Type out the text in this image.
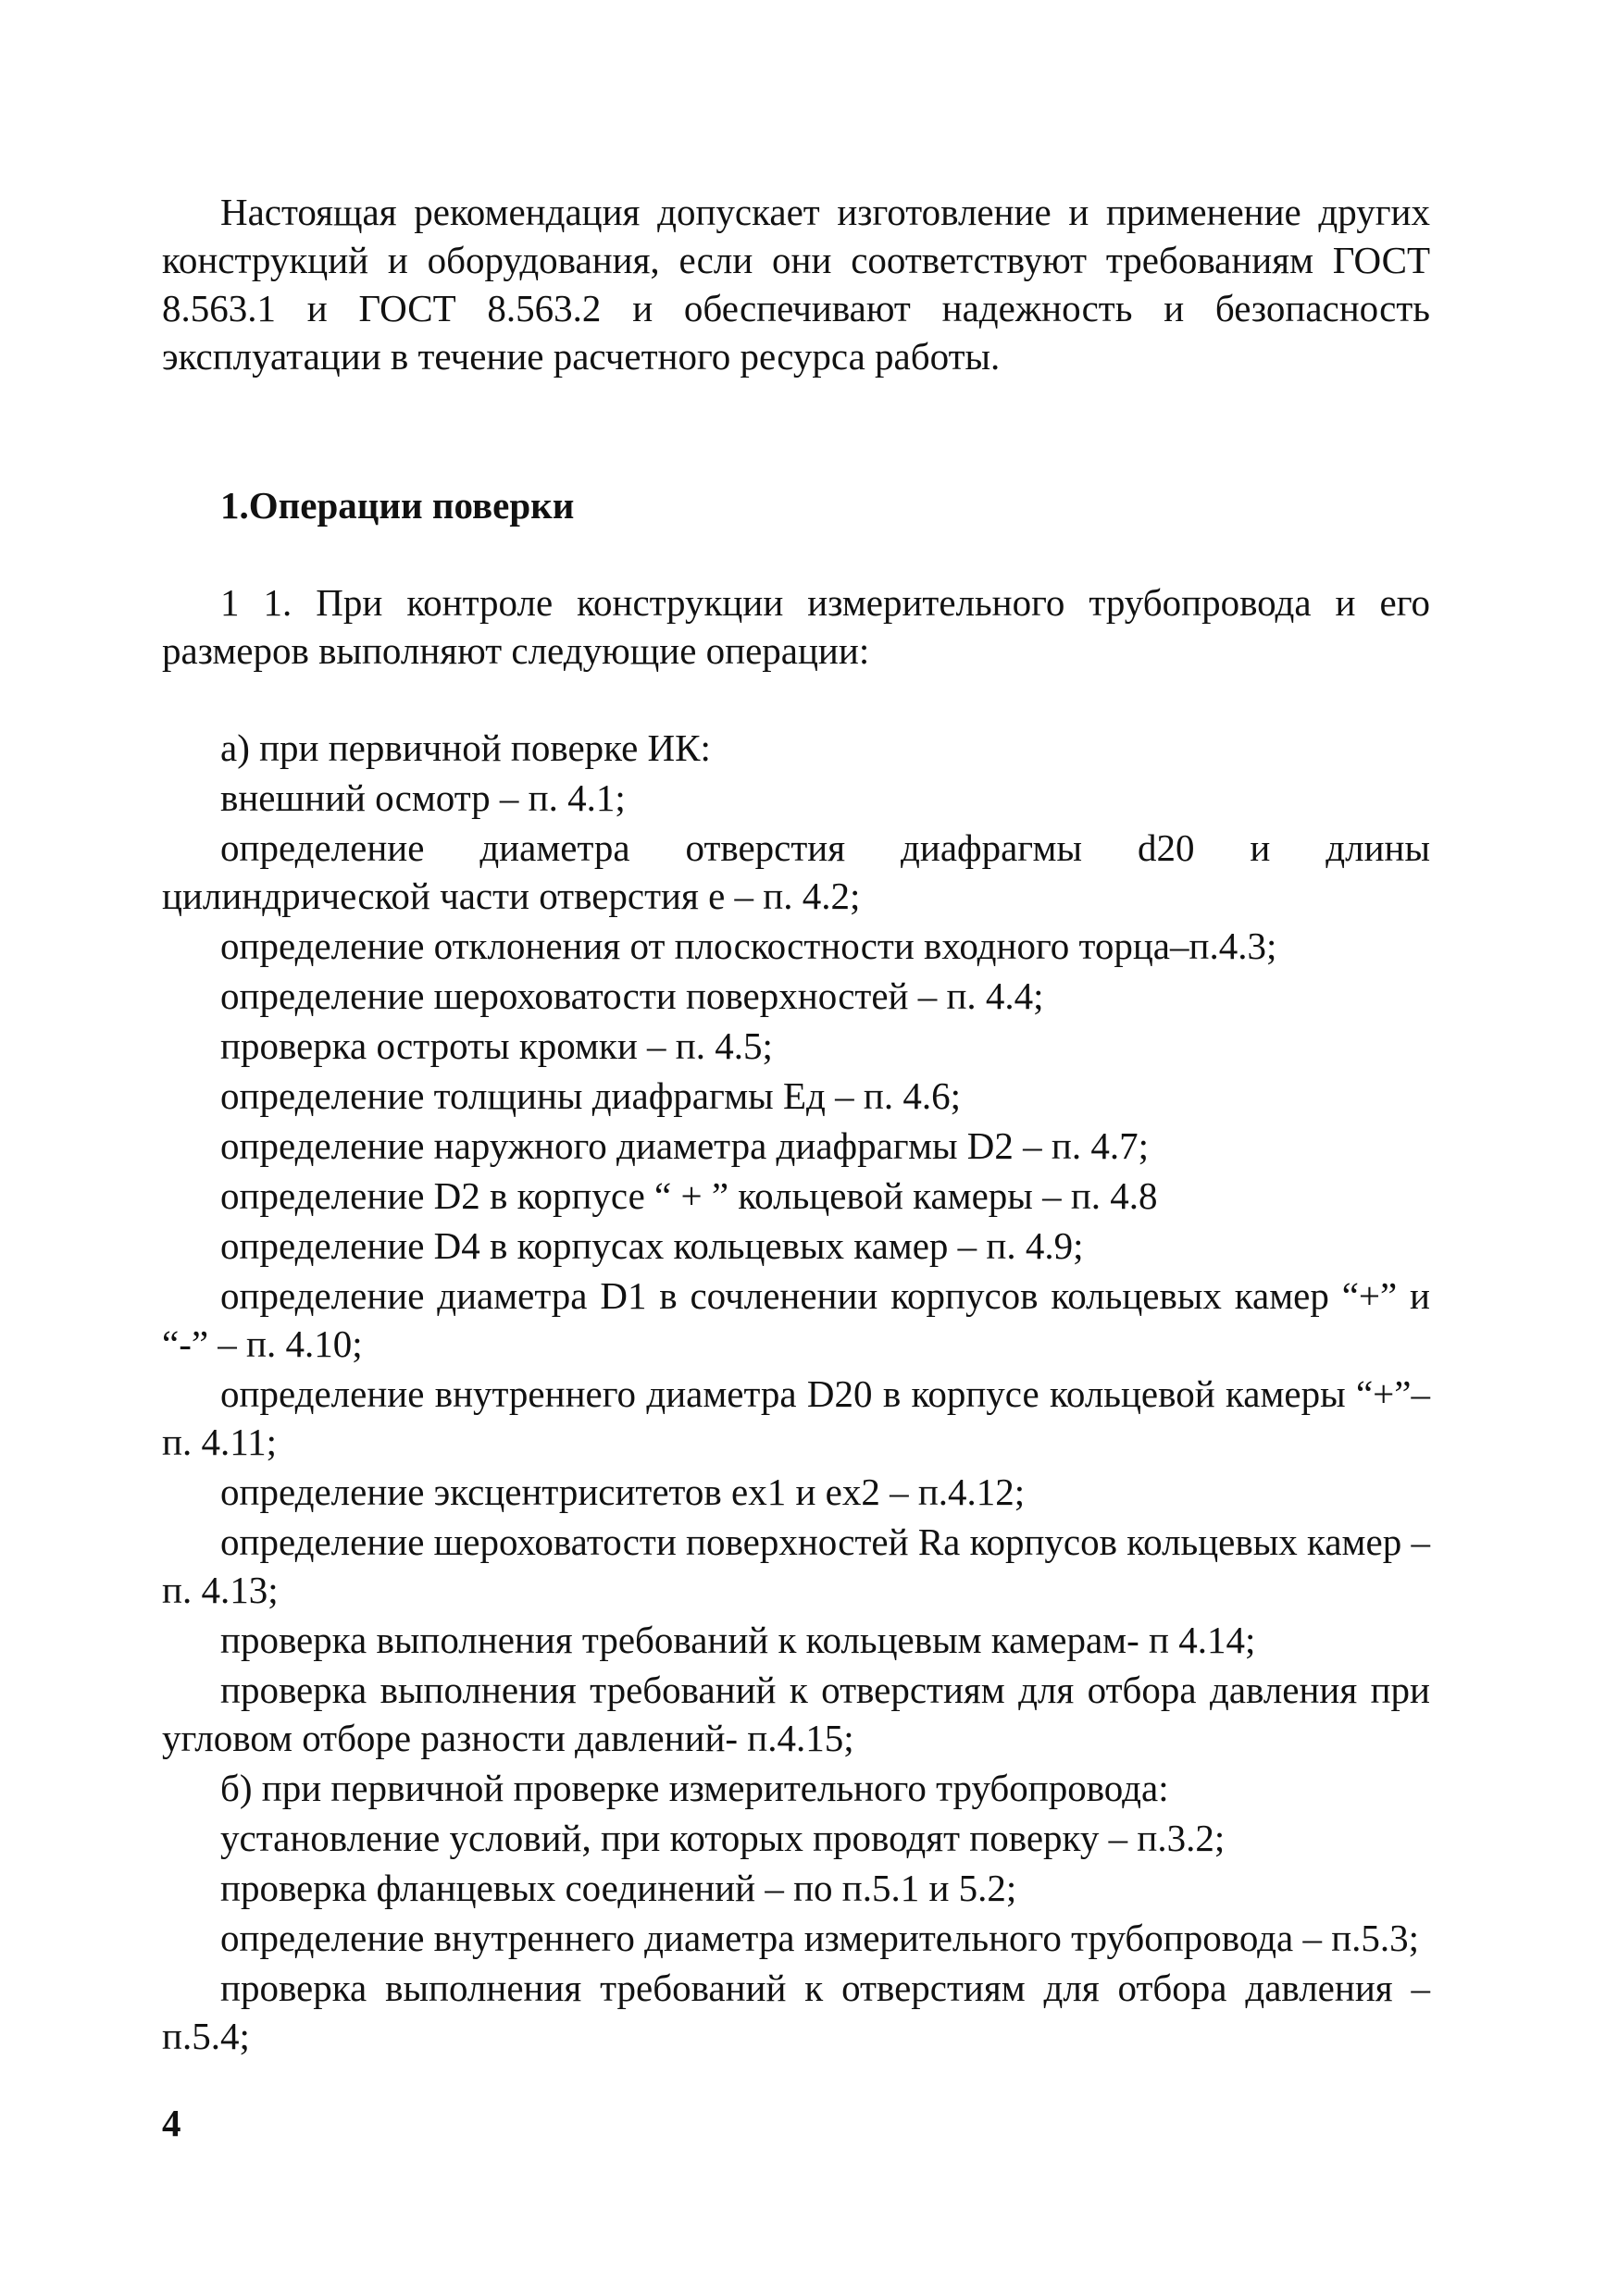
Настоящая рекомендация допускает изготовление и применение других конструкций и оборудования, если они соответствуют требованиям ГОСТ 8.563.1 и ГОСТ 8.563.2 и обеспечивают надежность и безопасность эксплуатации в течение расчетного ресурса работы.

1.Операции поверки

1 1. При контроле конструкции измерительного трубопровода и его размеров выполняют следующие операции:

а) при первичной поверке ИК:

внешний осмотр – п. 4.1;

определение диаметра отверстия диафрагмы d20 и длины цилиндрической части отверстия е – п. 4.2;

определение отклонения от плоскостности входного торца–п.4.3;

определение шероховатости поверхностей – п. 4.4;

проверка остроты кромки – п. 4.5;

определение толщины диафрагмы Eд – п. 4.6;

определение наружного диаметра диафрагмы D2 – п. 4.7;

определение D2 в корпусе “ + ” кольцевой камеры – п. 4.8

определение D4 в корпусах кольцевых камер – п. 4.9;

определение диаметра D1 в сочленении корпусов кольцевых камер “+” и “-” – п. 4.10;

определение внутреннего диаметра D20 в корпусе кольцевой камеры “+”– п. 4.11;

определение эксцентриситетов ex1 и ex2 – п.4.12;

определение шероховатости поверхностей Ra корпусов кольцевых камер – п. 4.13;

проверка выполнения требований к кольцевым камерам- п 4.14;

проверка выполнения требований к отверстиям для отбора давления при угловом отборе разности давлений- п.4.15;

б) при первичной проверке измерительного трубопровода:

установление условий, при которых проводят поверку – п.3.2;

проверка фланцевых соединений – по п.5.1 и 5.2;

определение внутреннего диаметра измерительного трубопровода – п.5.3;

проверка выполнения требований к отверстиям для отбора давления – п.5.4;

4
